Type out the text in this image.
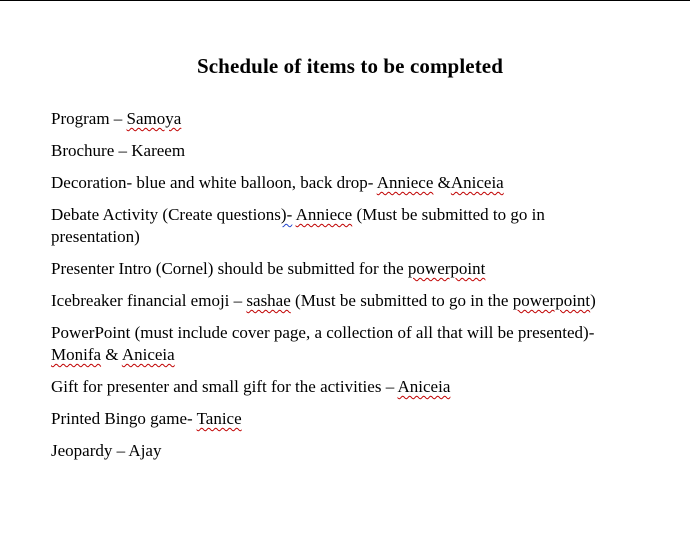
Schedule of items to be completed
Program – Samoya
Brochure – Kareem
Decoration- blue and white balloon, back drop- Anniece &Aniceia
Debate Activity (Create questions)- Anniece (Must be submitted to go in
presentation)
Presenter Intro (Cornel) should be submitted for the powerpoint
Icebreaker financial emoji – sashae (Must be submitted to go in the powerpoint)
PowerPoint (must include cover page, a collection of all that will be presented)-
Monifa & Aniceia
Gift for presenter and small gift for the activities – Aniceia
Printed Bingo game- Tanice
Jeopardy – Ajay
